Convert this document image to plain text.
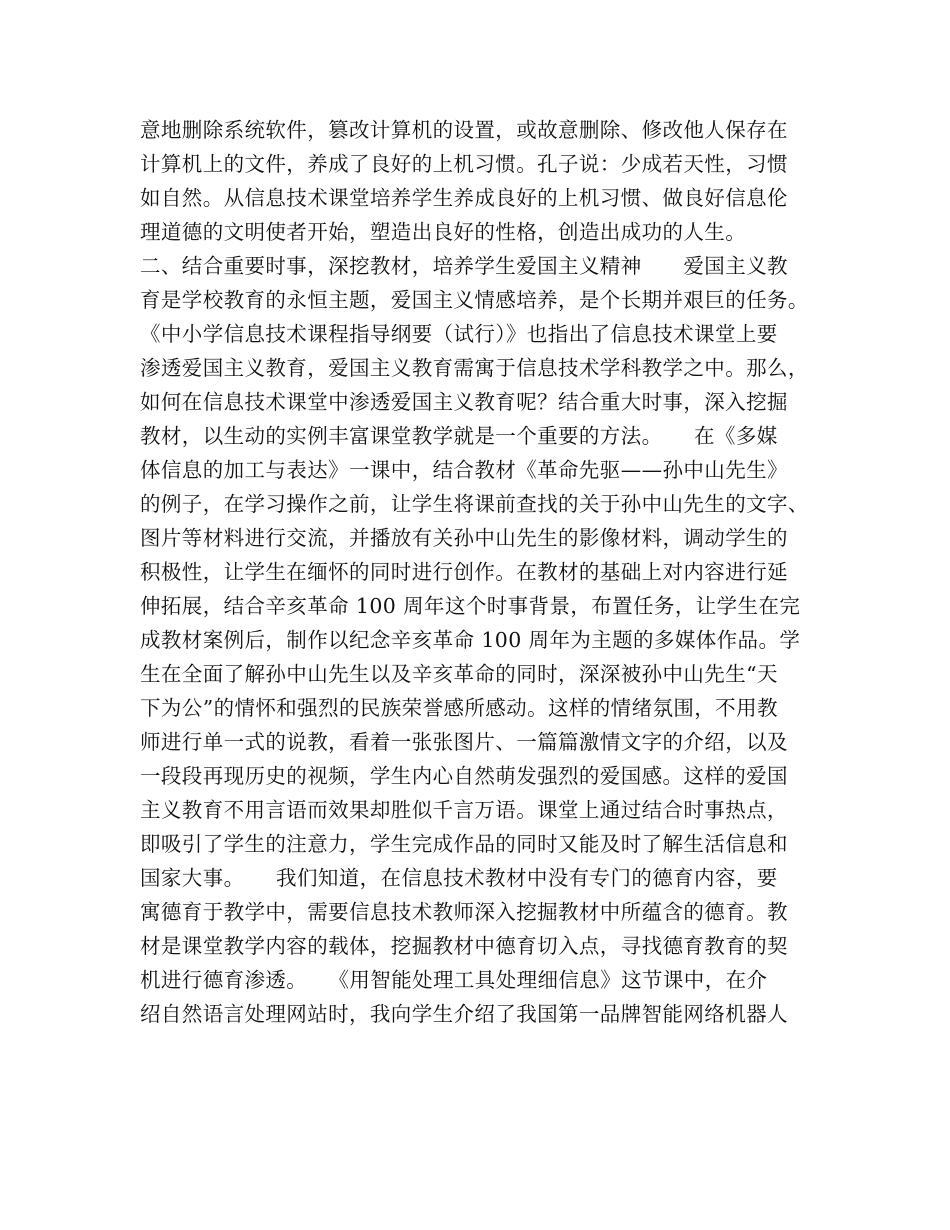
意地删除系统软件，篡改计算机的设置，或故意删除、修改他人保存在
计算机上的文件，养成了良好的上机习惯。孔子说：少成若天性，习惯
如自然。从信息技术课堂培养学生养成良好的上机习惯、做良好信息伦
理道德的文明使者开始，塑造出良好的性格，创造出成功的人生。
二、结合重要时事，深挖教材，培养学生爱国主义精神　　爱国主义教
育是学校教育的永恒主题，爱国主义情感培养，是个长期并艰巨的任务。
《中小学信息技术课程指导纲要（试行）》也指出了信息技术课堂上要
渗透爱国主义教育，爱国主义教育需寓于信息技术学科教学之中。那么，
如何在信息技术课堂中渗透爱国主义教育呢？结合重大时事，深入挖掘
教材，以生动的实例丰富课堂教学就是一个重要的方法。　　在《多媒
体信息的加工与表达》一课中，结合教材《革命先驱——孙中山先生》
的例子，在学习操作之前，让学生将课前查找的关于孙中山先生的文字、
图片等材料进行交流，并播放有关孙中山先生的影像材料，调动学生的
积极性，让学生在缅怀的同时进行创作。在教材的基础上对内容进行延
伸拓展，结合辛亥革命 100 周年这个时事背景，布置任务，让学生在完
成教材案例后，制作以纪念辛亥革命 100 周年为主题的多媒体作品。学
生在全面了解孙中山先生以及辛亥革命的同时，深深被孙中山先生“天
下为公”的情怀和强烈的民族荣誉感所感动。这样的情绪氛围，不用教
师进行单一式的说教，看着一张张图片、一篇篇激情文字的介绍，以及
一段段再现历史的视频，学生内心自然萌发强烈的爱国感。这样的爱国
主义教育不用言语而效果却胜似千言万语。课堂上通过结合时事热点，
即吸引了学生的注意力，学生完成作品的同时又能及时了解生活信息和
国家大事。　　我们知道，在信息技术教材中没有专门的德育内容，要
寓德育于教学中，需要信息技术教师深入挖掘教材中所蕴含的德育。教
材是课堂教学内容的载体，挖掘教材中德育切入点，寻找德育教育的契
机进行德育渗透。　　《用智能处理工具处理细信息》这节课中，在介
绍自然语言处理网站时，我向学生介绍了我国第一品牌智能网络机器人
